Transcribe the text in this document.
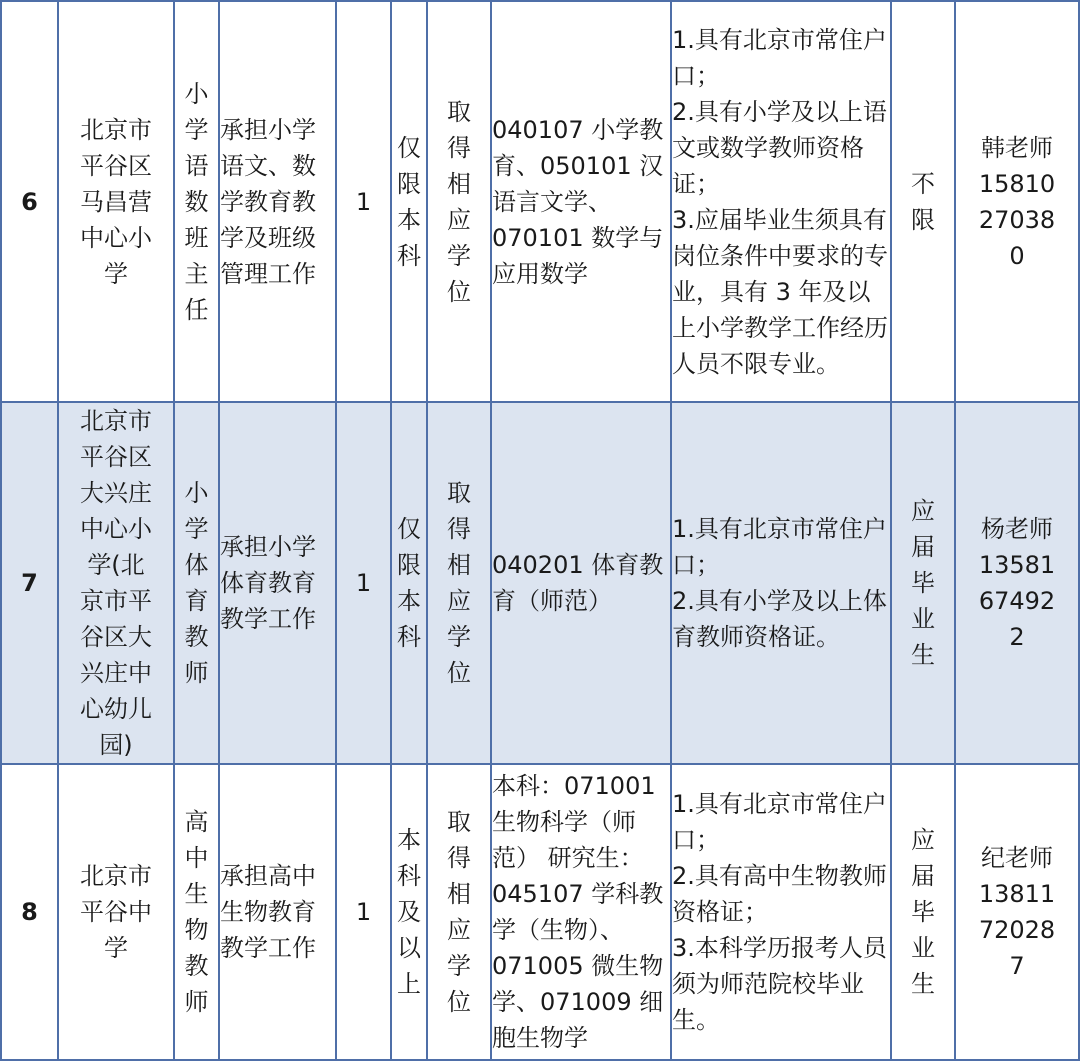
6	北京市平谷区马昌营中心小学	小学语数班主任	承担小学语文、数学教育教学及班级管理工作	1	仅限本科	取得相应学位	040107 小学教育、050101 汉语言文学、070101 数学与应用数学	1.具有北京市常住户口；
2.具有小学及以上语文或数学教师资格证；
3.应届毕业生须具有岗位条件中要求的专业，具有 3 年及以上小学教学工作经历人员不限专业。	不限	韩老师 15810270380

7	北京市平谷区大兴庄中心小学(北京市平谷区大兴庄中心幼儿园)	小学体育教师	承担小学体育教育教学工作	1	仅限本科	取得相应学位	040201 体育教育（师范）	1.具有北京市常住户口；
2.具有小学及以上体育教师资格证。	应届毕业生	杨老师 13581674922

8	北京市平谷中学	高中生物教师	承担高中生物教育教学工作	1	本科及以上	取得相应学位	本科：071001 生物科学（师范） 研究生：045107 学科教学（生物）、071005 微生物学、071009 细胞生物学	1.具有北京市常住户口；
2.具有高中生物教师资格证；
3.本科学历报考人员须为师范院校毕业生。	应届毕业生	纪老师 13811720287
